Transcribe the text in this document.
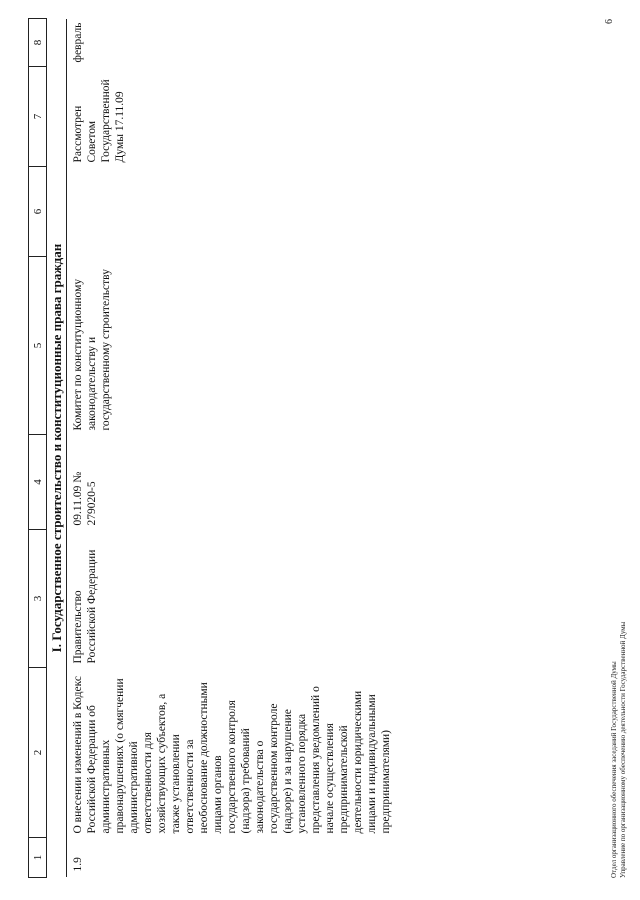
1	2	3	4	5	6	7	8
I. Государственное строительство и конституционные права граждан							
1.9	О внесении изменений в Кодекс Российской Федерации об административных правонарушениях (о смягчении административной ответственности для хозяйствующих субъектов, а также установлении ответственности за необоснование должностными лицами органов государственного контроля (надзора) требований законодательства о государственном контроле (надзоре) и за нарушение установленного порядка представления уведомлений о начале осуществления предпринимательской деятельности юридическими лицами и индивидуальными предпринимателями)	Правительство Российской Федерации	09.11.09 № 279020-5	Комитет по конституционному законодательству и государственному строительству		Рассмотрен Советом Государственной Думы 17.11.09	февраль
Отдел организационного обеспечения заседаний Государственной Думы Управление по организационному обеспечению деятельности Государственной Думы
6
